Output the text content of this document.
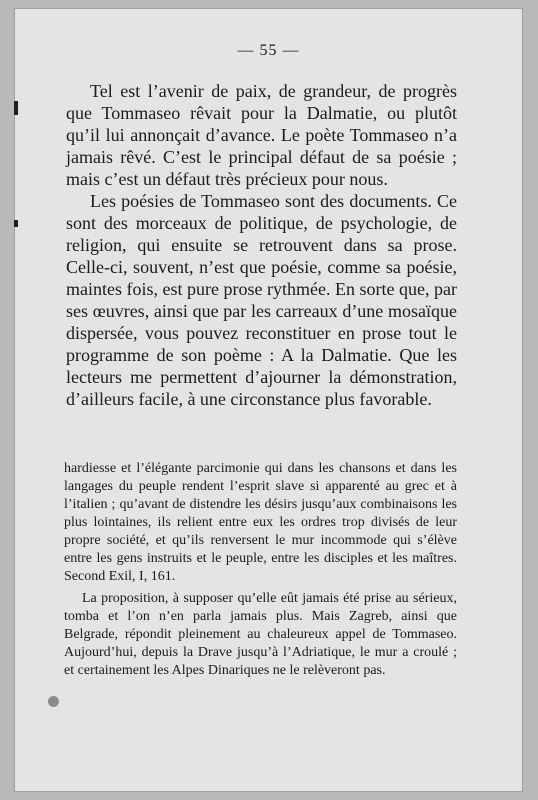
— 55 —

Tel est l’avenir de paix, de grandeur, de progrès que Tommaseo rêvait pour la Dalmatie, ou plutôt qu’il lui annonçait d’avance. Le poète Tommaseo n’a jamais rêvé. C’est le principal défaut de sa poésie ; mais c’est un défaut très précieux pour nous.

Les poésies de Tommaseo sont des documents. Ce sont des morceaux de politique, de psychologie, de religion, qui ensuite se retrouvent dans sa prose. Celle-ci, souvent, n’est que poésie, comme sa poésie, maintes fois, est pure prose rythmée. En sorte que, par ses œuvres, ainsi que par les carreaux d’une mosaïque dispersée, vous pouvez reconstituer en prose tout le programme de son poème : A la Dalmatie. Que les lecteurs me permettent d’ajourner la démonstration, d’ailleurs facile, à une circonstance plus favorable.

hardiesse et l’élégante parcimonie qui dans les chansons et dans les langages du peuple rendent l’esprit slave si apparenté au grec et à l’italien ; qu’avant de distendre les désirs jusqu’aux combinaisons les plus lointaines, ils relient entre eux les ordres trop divisés de leur propre société, et qu’ils renversent le mur incommode qui s’élève entre les gens instruits et le peuple, entre les disciples et les maîtres. Second Exil, I, 161.

La proposition, à supposer qu’elle eût jamais été prise au sérieux, tomba et l’on n’en parla jamais plus. Mais Zagreb, ainsi que Belgrade, répondit pleinement au chaleureux appel de Tommaseo. Aujourd’hui, depuis la Drave jusqu’à l’Adriatique, le mur a croulé ; et certainement les Alpes Dinariques ne le relèveront pas.
